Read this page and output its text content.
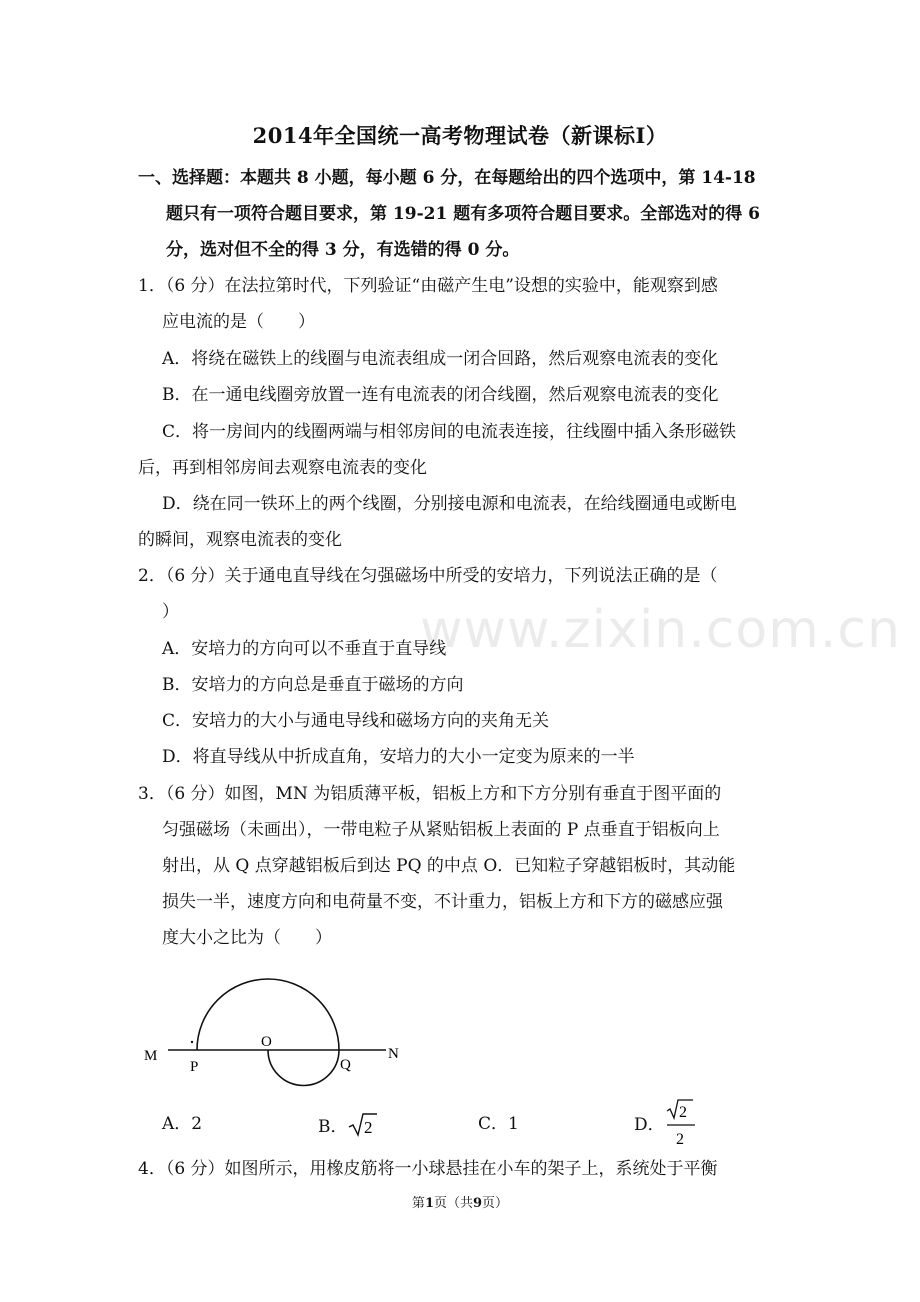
2014年全国统一高考物理试卷（新课标I）
一、选择题：本题共 8 小题，每小题 6 分，在每题给出的四个选项中，第 14-18
题只有一项符合题目要求，第 19-21 题有多项符合题目要求。全部选对的得 6
分，选对但不全的得 3 分，有选错的得 0 分。
1．（6 分）在法拉第时代，下列验证“由磁产生电”设想的实验中，能观察到感
应电流的是（　　）
A．将绕在磁铁上的线圈与电流表组成一闭合回路，然后观察电流表的变化
B．在一通电线圈旁放置一连有电流表的闭合线圈，然后观察电流表的变化
C．将一房间内的线圈两端与相邻房间的电流表连接，往线圈中插入条形磁铁
后，再到相邻房间去观察电流表的变化
D．绕在同一铁环上的两个线圈，分别接电源和电流表，在给线圈通电或断电
的瞬间，观察电流表的变化
2．（6 分）关于通电直导线在匀强磁场中所受的安培力，下列说法正确的是（
）
A．安培力的方向可以不垂直于直导线
B．安培力的方向总是垂直于磁场的方向
C．安培力的大小与通电导线和磁场方向的夹角无关
D．将直导线从中折成直角，安培力的大小一定变为原来的一半
www.zixin.com.cn
3．（6 分）如图，MN 为铝质薄平板，铝板上方和下方分别有垂直于图平面的
匀强磁场（未画出），一带电粒子从紧贴铝板上表面的 P 点垂直于铝板向上
射出，从 Q 点穿越铝板后到达 PQ 的中点 O．已知粒子穿越铝板时，其动能
损失一半，速度方向和电荷量不变，不计重力，铝板上方和下方的磁感应强
度大小之比为（　　）
M
P
O
Q
N
A．2	B． 2	C．1	D．
2
2
4．（6 分）如图所示，用橡皮筋将一小球悬挂在小车的架子上，系统处于平衡
第1页（共9页）
